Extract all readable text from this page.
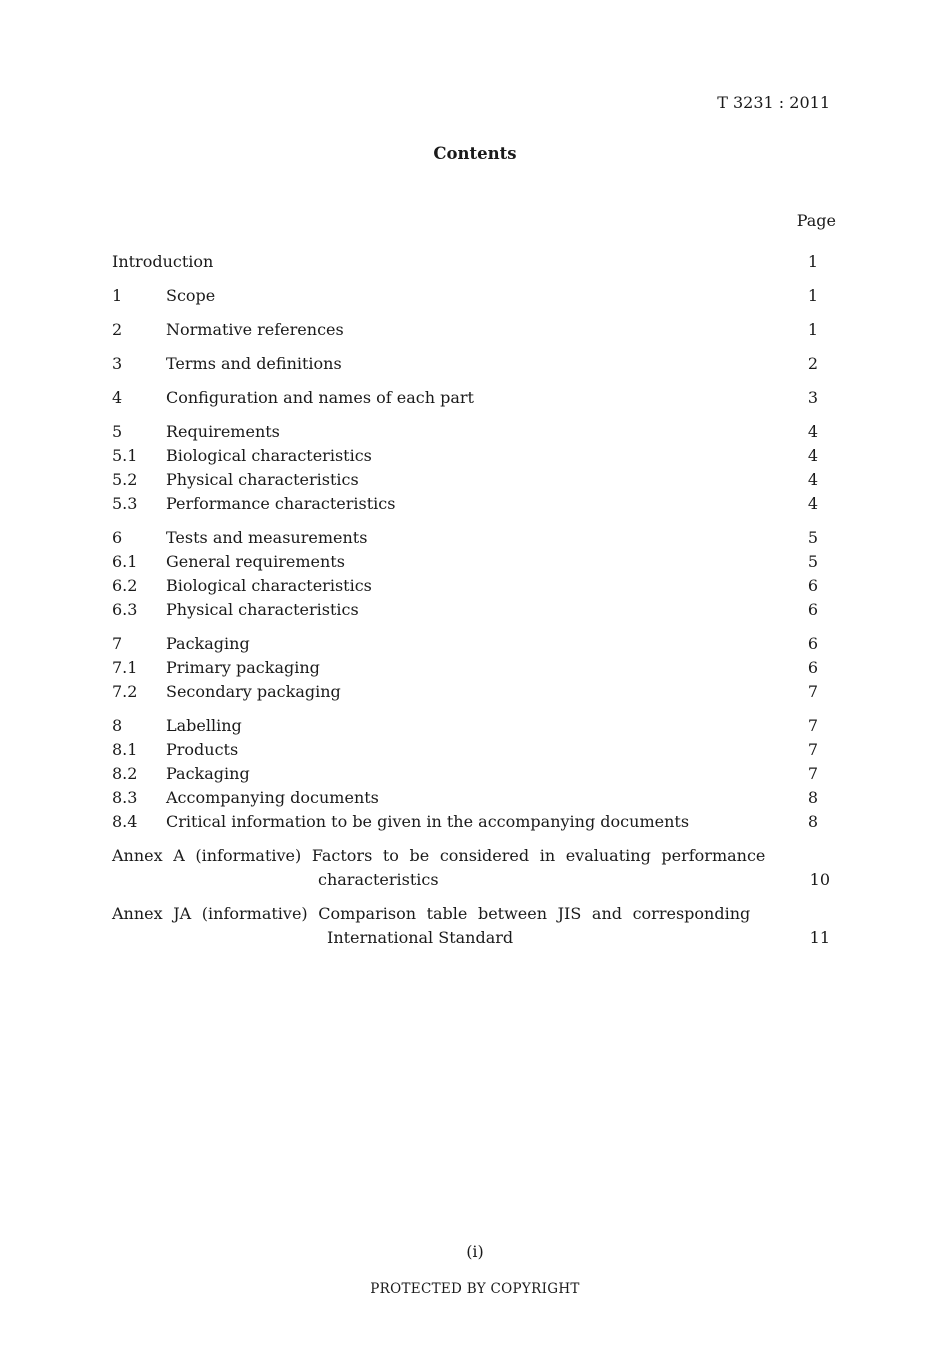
T 3231 : 2011
Contents
Page
Introduction	1
1	Scope	1
2	Normative references	1
3	Terms and definitions	2
4	Configuration and names of each part	3
5	Requirements	4
5.1	Biological characteristics	4
5.2	Physical characteristics	4
5.3	Performance characteristics	4
6	Tests and measurements	5
6.1	General requirements	5
6.2	Biological characteristics	6
6.3	Physical characteristics	6
7	Packaging	6
7.1	Primary packaging	6
7.2	Secondary packaging	7
8	Labelling	7
8.1	Products	7
8.2	Packaging	7
8.3	Accompanying documents	8
8.4	Critical information to be given in the accompanying documents	8
Annex A (informative) Factors to be considered in evaluating performance
characteristics	10
Annex JA (informative) Comparison table between JIS and corresponding
International Standard	11
(i)
PROTECTED BY COPYRIGHT
